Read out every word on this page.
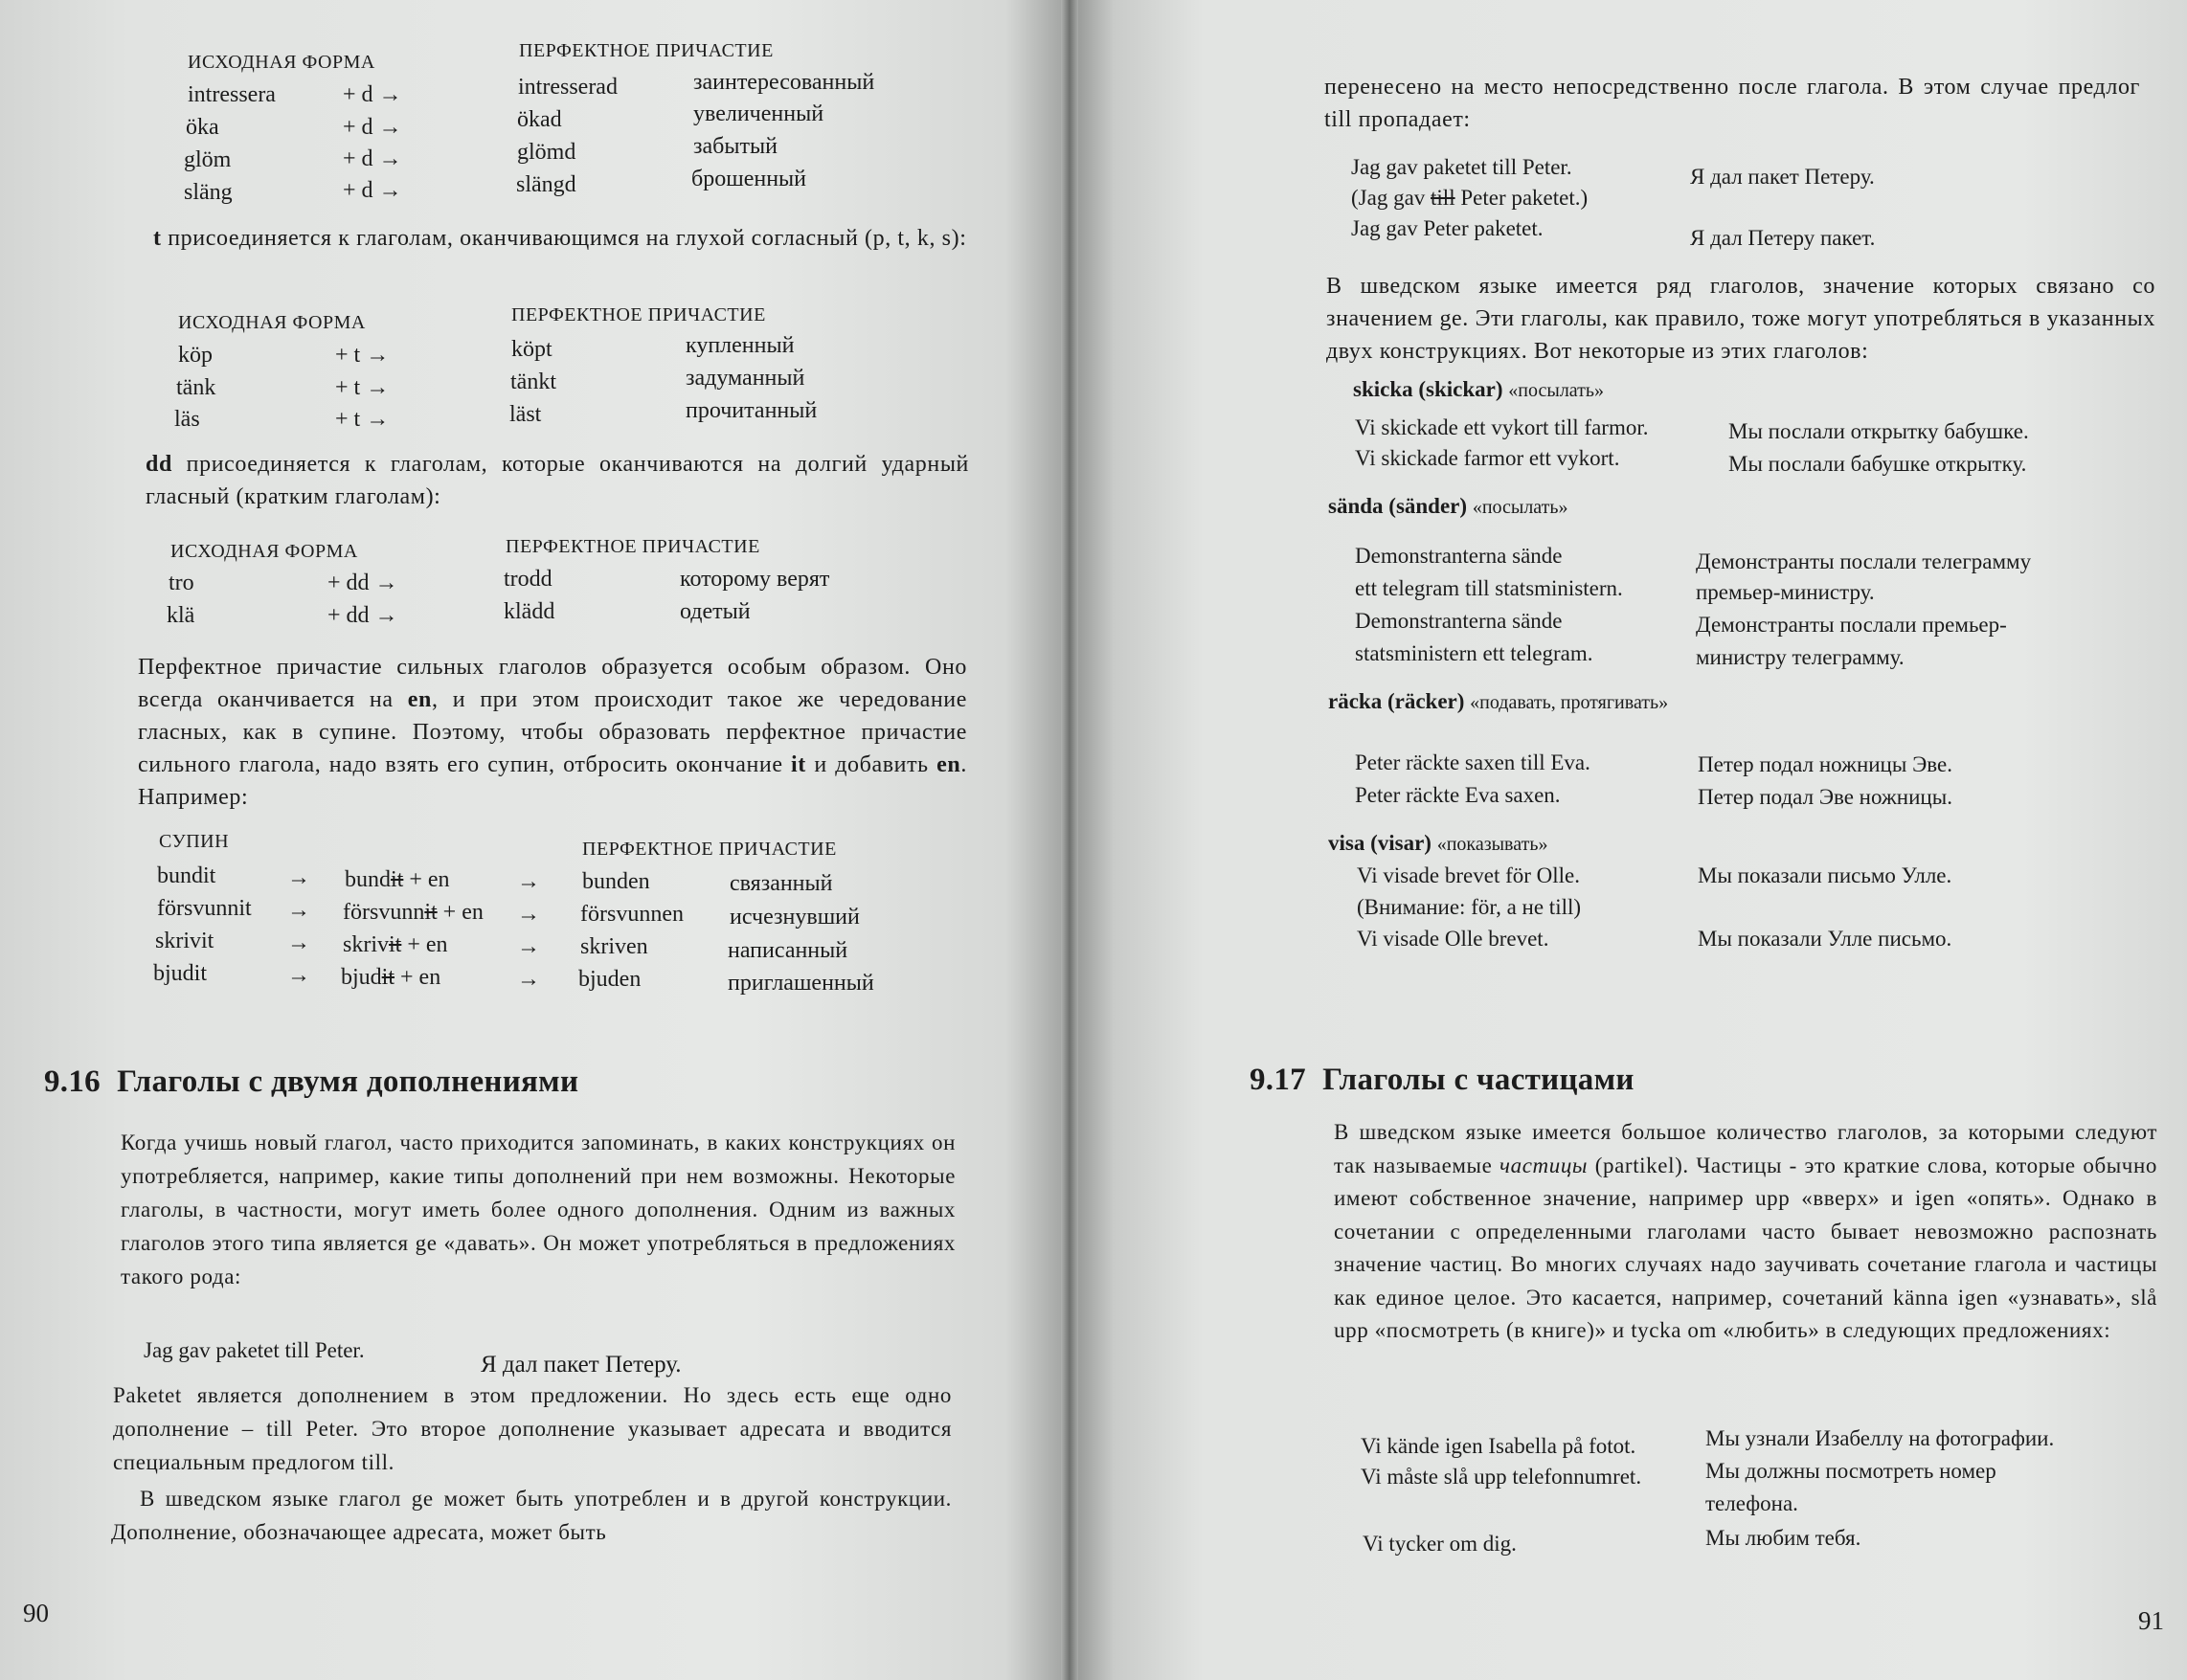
ИСХОДНАЯ ФОРМА
ПЕРФЕКТНОЕ ПРИЧАСТИЕ
intressera	+ d →	intresserad	заинтересованный
öka	+ d →	ökad	увеличенный
glöm	+ d →	glömd	забытый
släng	+ d →	slängd	брошенный
t присоединяется к глаголам, оканчивающимся на глухой согласный (p, t, k, s):
ИСХОДНАЯ ФОРМА	ПЕРФЕКТНОЕ ПРИЧАСТИЕ
köp	+ t →	köpt	купленный
tänk	+ t →	tänkt	задуманный
läs	+ t →	läst	прочитанный
dd присоединяется к глаголам, которые оканчиваются на долгий ударный гласный (кратким глаголам):
ИСХОДНАЯ ФОРМА	ПЕРФЕКТНОЕ ПРИЧАСТИЕ
tro	+ dd →	trodd	которому верят
klä	+ dd →	klädd	одетый
Перфектное причастие сильных глаголов образуется особым образом. Оно всегда оканчивается на en, и при этом происходит такое же чередование гласных, как в супине. Поэтому, чтобы образовать перфектное причастие сильного глагола, надо взять его супин, отбросить окончание it и добавить en. Например:
СУПИН	ПЕРФЕКТНОЕ ПРИЧАСТИЕ
bundit	→ bundit + en	→ bunden	связанный
försvunnit → försvunnit + en → försvunnen исчезнувший
skrivit	→ skrivit + en	→ skriven	написанный
bjudit	→ bjudit + en	→ bjuden	приглашенный
9.16 Глаголы с двумя дополнениями
Когда учишь новый глагол, часто приходится запоминать, в каких конструкциях он употребляется, например, какие типы дополнений при нем возможны. Некоторые глаголы, в частности, могут иметь более одного дополнения. Одним из важных глаголов этого типа является ge «давать». Он может употребляться в предложениях такого рода:
Jag gav paketet till Peter.
Я дал пакет Петеру.
Paketet является дополнением в этом предложении. Но здесь есть еще одно дополнение – till Peter. Это второе дополнение указывает адресата и вводится специальным предлогом till.
В шведском языке глагол ge может быть употреблен и в другой конструкции. Дополнение, обозначающее адресата, может быть
90
перенесено на место непосредственно после глагола. В этом случае предлог till пропадает:
Jag gav paketet till Peter.	Я дал пакет Петеру.
(Jag gav till Peter paketet.)
Jag gav Peter paketet.	Я дал Петеру пакет.
В шведском языке имеется ряд глаголов, значение которых связано со значением ge. Эти глаголы, как правило, тоже могут употребляться в указанных двух конструкциях. Вот некоторые из этих глаголов:
skicka (skickar) «посылать»
Vi skickade ett vykort till farmor.	Мы послали открытку бабушке.
Vi skickade farmor ett vykort.	Мы послали бабушке открытку.
sända (sänder) «посылать»
Demonstranterna sände	Демонстранты послали телеграмму
ett telegram till statsministern.	премьер-министру.
Demonstranterna sände	Демонстранты послали премьер-
statsministern ett telegram.	министру телеграмму.
räcka (räcker) «подавать, протягивать»
Peter räckte saxen till Eva.	Петер подал ножницы Эве.
Peter räckte Eva saxen.	Петер подал Эве ножницы.
visa (visar) «показывать»
Vi visade brevet för Olle.	Мы показали письмо Улле.
(Внимание: för, а не till)
Vi visade Olle brevet.	Мы показали Улле письмо.
9.17 Глаголы с частицами
В шведском языке имеется большое количество глаголов, за которыми следуют так называемые частицы (partikel). Частицы - это краткие слова, которые обычно имеют собственное значение, например upp «вверх» и igen «опять». Однако в сочетании с определенными глаголами часто бывает невозможно распознать значение частиц. Во многих случаях надо заучивать сочетание глагола и частицы как единое целое. Это касается, например, сочетаний känna igen «узнавать», slå upp «посмотреть (в книге)» и tycka om «любить» в следующих предложениях:
Vi kände igen Isabella på fotot.	Мы узнали Изабеллу на фотографии.
Vi måste slå upp telefonnumret.	Мы должны посмотреть номер
телефона.
Vi tycker om dig.	Мы любим тебя.
91
